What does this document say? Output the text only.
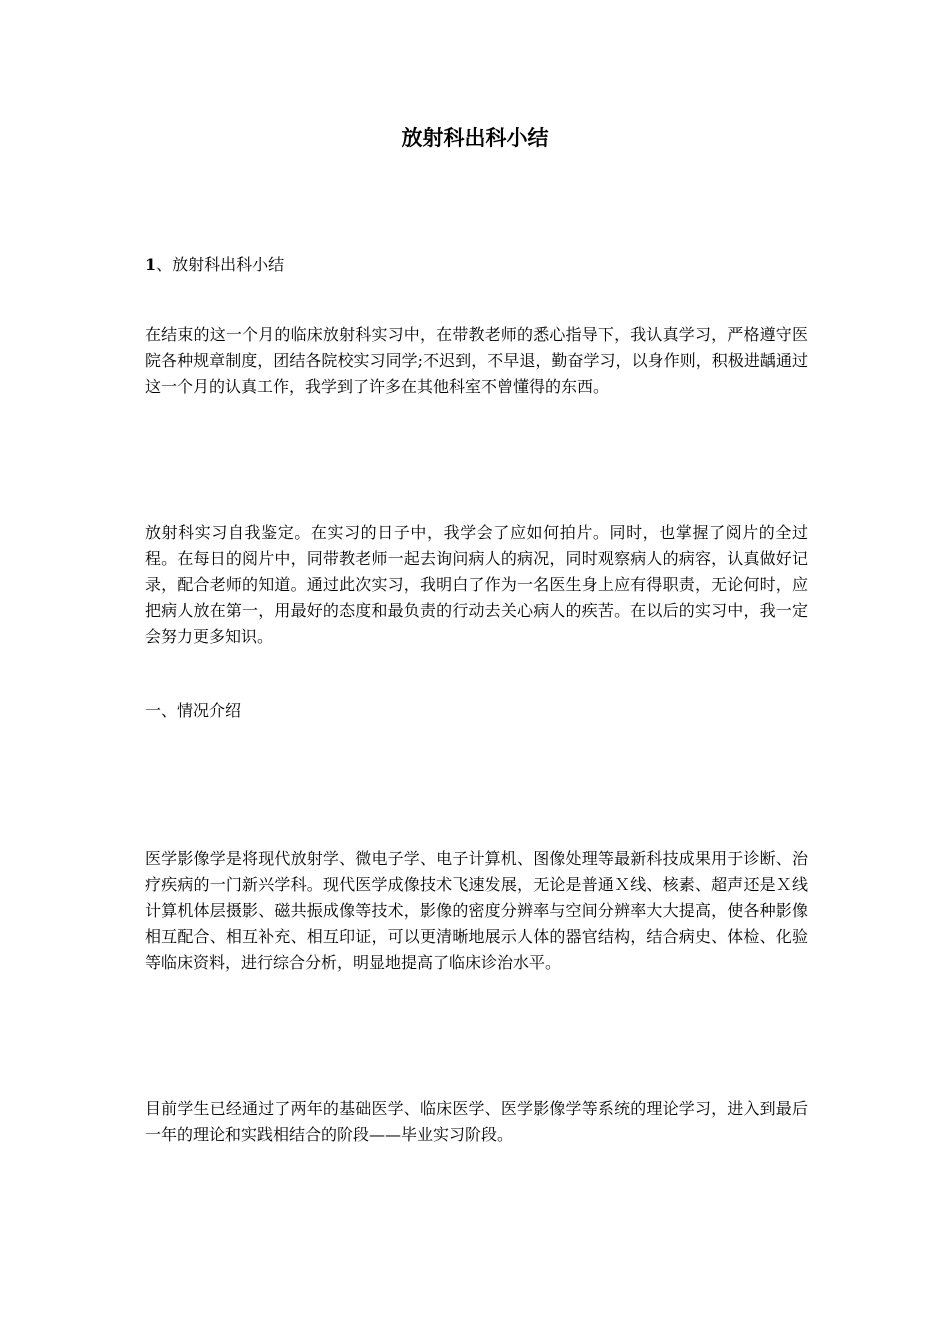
放射科出科小结

1、放射科出科小结

在结束的这一个月的临床放射科实习中，在带教老师的悉心指导下，我认真学习，严格遵守医院各种规章制度，团结各院校实习同学;不迟到，不早退，勤奋学习，以身作则，积极进龋通过这一个月的认真工作，我学到了许多在其他科室不曾懂得的东西。

放射科实习自我鉴定。在实习的日子中，我学会了应如何拍片。同时，也掌握了阅片的全过程。在每日的阅片中，同带教老师一起去询问病人的病况，同时观察病人的病容，认真做好记录，配合老师的知道。通过此次实习，我明白了作为一名医生身上应有得职责，无论何时，应把病人放在第一，用最好的态度和最负责的行动去关心病人的疾苦。在以后的实习中，我一定会努力更多知识。

一、情况介绍

医学影像学是将现代放射学、微电子学、电子计算机、图像处理等最新科技成果用于诊断、治疗疾病的一门新兴学科。现代医学成像技术飞速发展，无论是普通Ｘ线、核素、超声还是Ｘ线计算机体层摄影、磁共振成像等技术，影像的密度分辨率与空间分辨率大大提高，使各种影像相互配合、相互补充、相互印证，可以更清晰地展示人体的器官结构，结合病史、体检、化验等临床资料，进行综合分析，明显地提高了临床诊治水平。

目前学生已经通过了两年的基础医学、临床医学、医学影像学等系统的理论学习，进入到最后一年的理论和实践相结合的阶段——毕业实习阶段。
